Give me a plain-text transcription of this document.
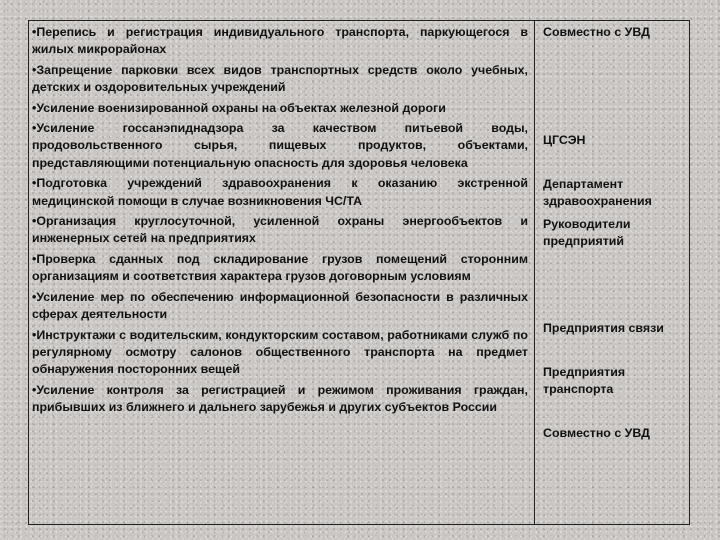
•Перепись и регистрация индивидуального транспорта, паркующегося в жилых микрорайонах
•Запрещение парковки всех видов транспортных средств около учебных, детских и оздоровительных учреждений
•Усиление военизированной охраны на объектах железной дороги
•Усиление госсанэпиднадзора за качеством питьевой воды, продовольственного сырья, пищевых продуктов, объектами, представляющими потенциальную опасность для здоровья человека
•Подготовка учреждений здравоохранения к оказанию экстренной медицинской помощи в случае возникновения ЧС/ТА
•Организация круглосуточной, усиленной охраны энергообъектов и инженерных сетей на предприятиях
•Проверка сданных под складирование грузов помещений сторонним организациям и соответствия характера грузов договорным условиям
•Усиление мер по обеспечению информационной безопасности в различных сферах деятельности
•Инструктажи с водительским, кондукторским составом, работниками служб по регулярному осмотру салонов общественного транспорта на предмет обнаружения посторонних вещей
•Усиление контроля за регистрацией и режимом проживания граждан, прибывших из ближнего и дальнего зарубежья и других субъектов России
Совместно с УВД
ЦГСЭН
Департамент здравоохранения
Руководители предприятий
Предприятия связи
Предприятия транспорта
Совместно с УВД
